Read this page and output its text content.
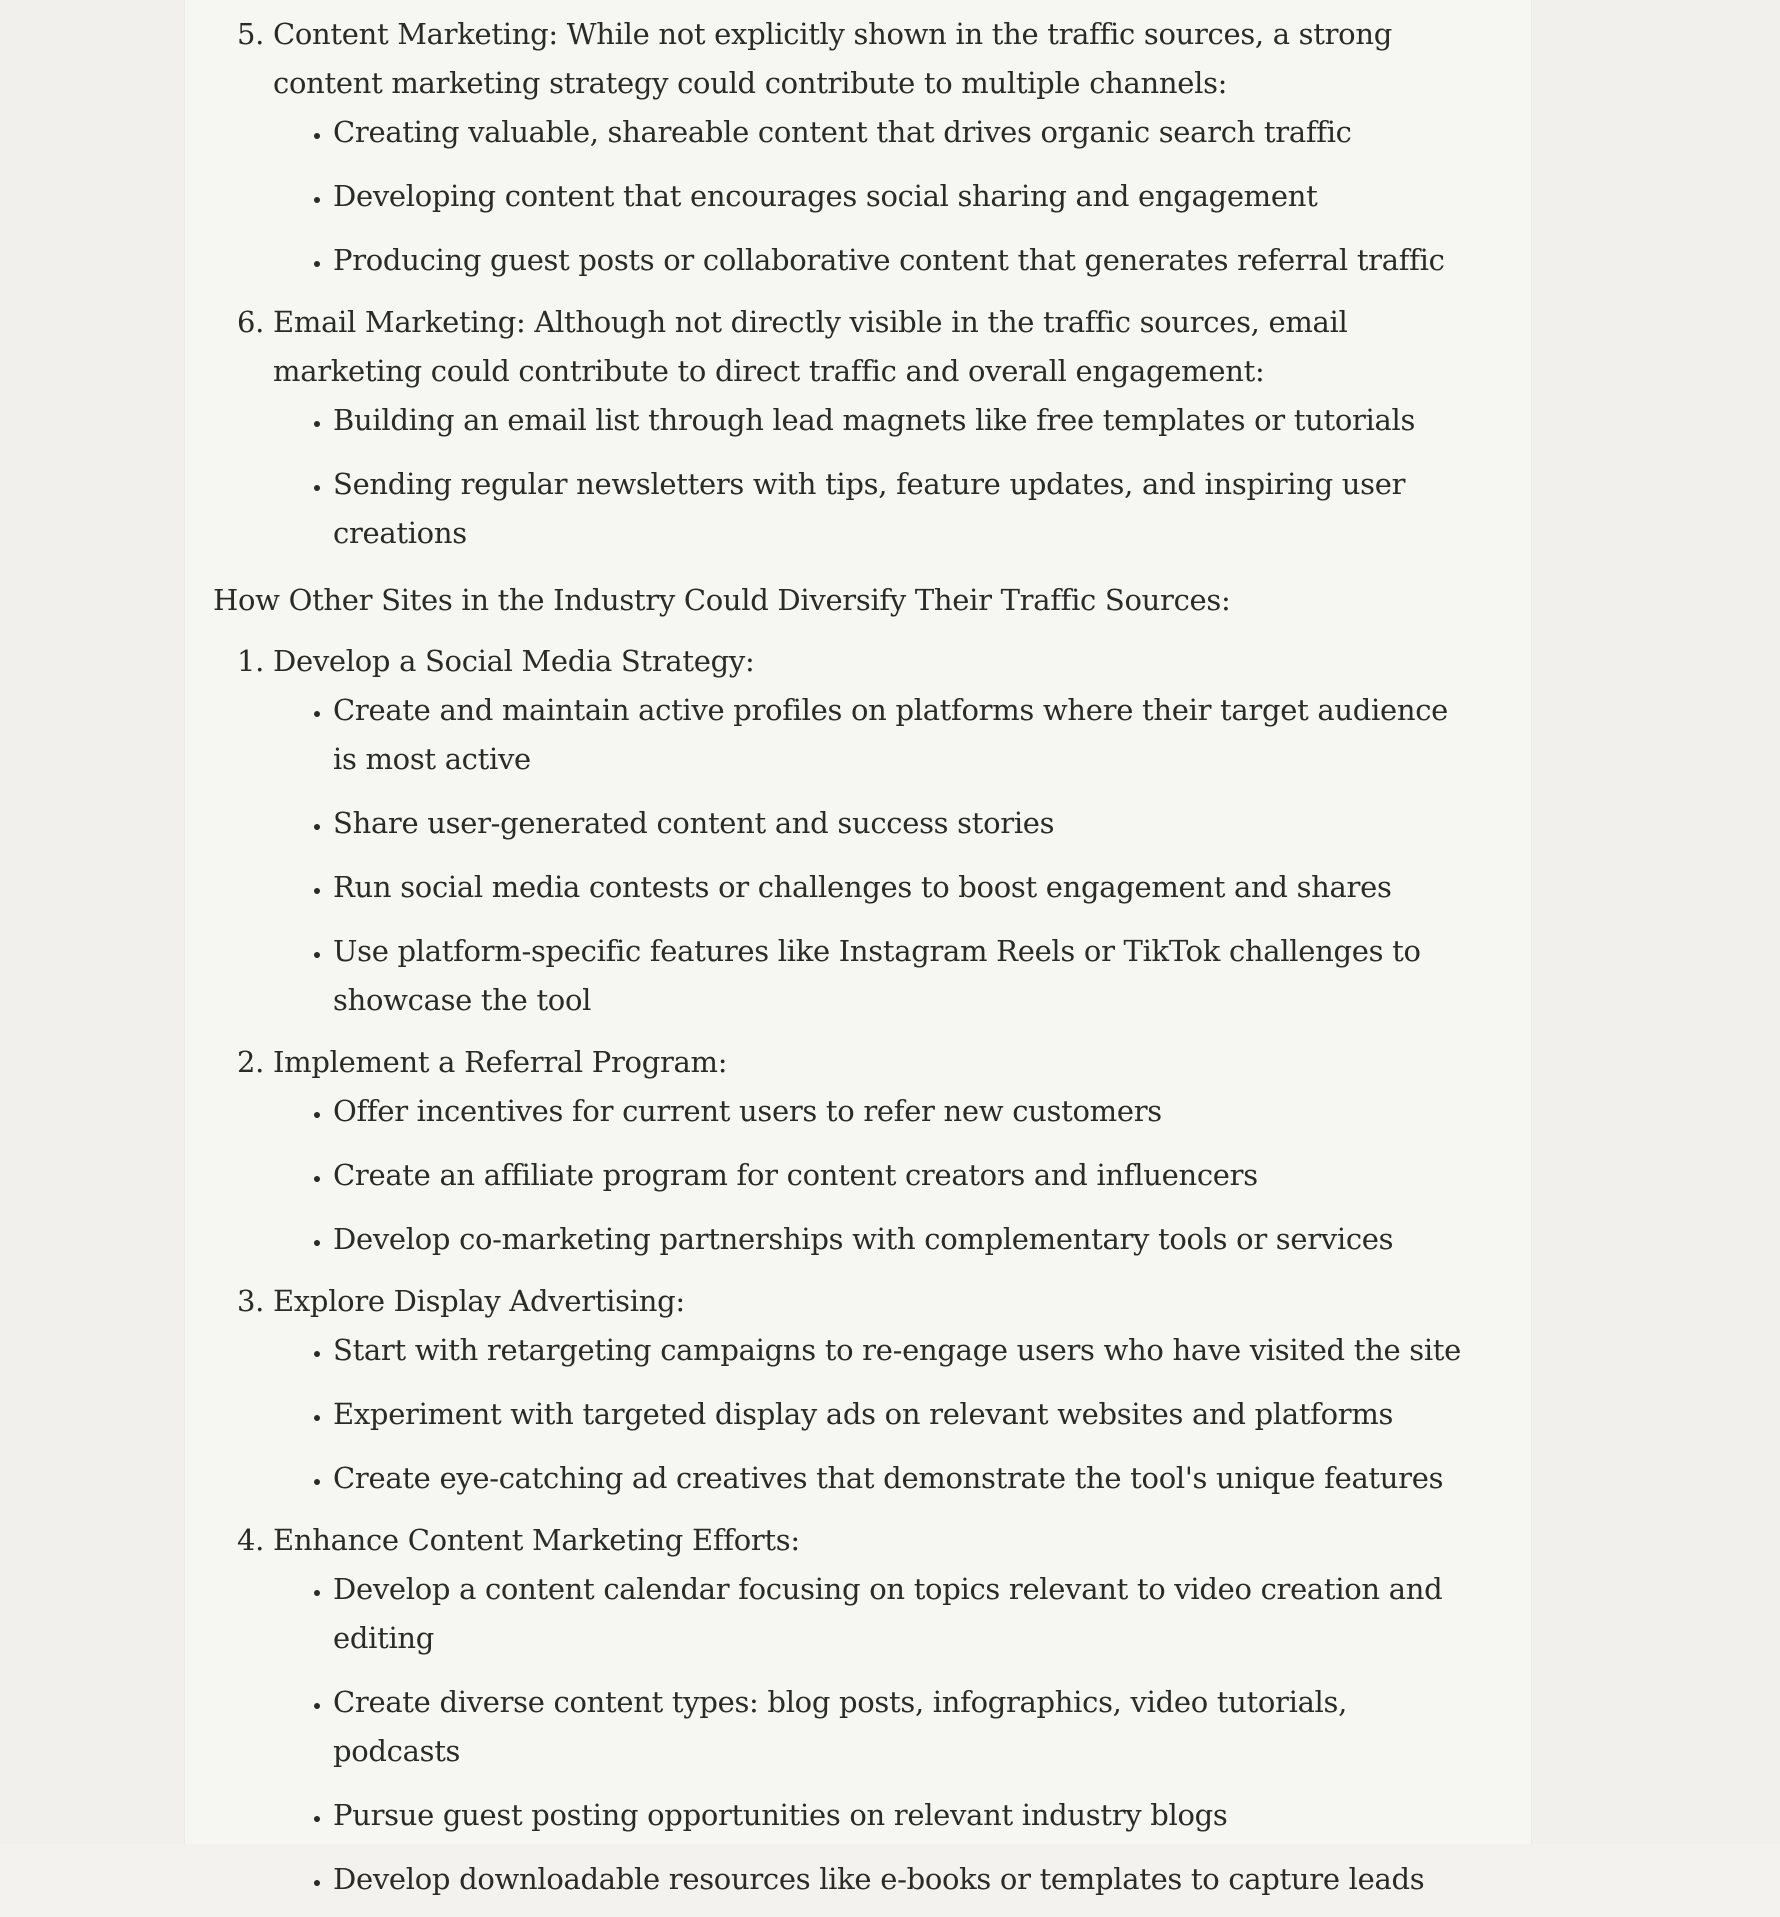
5. Content Marketing: While not explicitly shown in the traffic sources, a strong content marketing strategy could contribute to multiple channels:
• Creating valuable, shareable content that drives organic search traffic
• Developing content that encourages social sharing and engagement
• Producing guest posts or collaborative content that generates referral traffic
6. Email Marketing: Although not directly visible in the traffic sources, email marketing could contribute to direct traffic and overall engagement:
• Building an email list through lead magnets like free templates or tutorials
• Sending regular newsletters with tips, feature updates, and inspiring user creations

How Other Sites in the Industry Could Diversify Their Traffic Sources:

1. Develop a Social Media Strategy:
• Create and maintain active profiles on platforms where their target audience is most active
• Share user-generated content and success stories
• Run social media contests or challenges to boost engagement and shares
• Use platform-specific features like Instagram Reels or TikTok challenges to showcase the tool
2. Implement a Referral Program:
• Offer incentives for current users to refer new customers
• Create an affiliate program for content creators and influencers
• Develop co-marketing partnerships with complementary tools or services
3. Explore Display Advertising:
• Start with retargeting campaigns to re-engage users who have visited the site
• Experiment with targeted display ads on relevant websites and platforms
• Create eye-catching ad creatives that demonstrate the tool's unique features
4. Enhance Content Marketing Efforts:
• Develop a content calendar focusing on topics relevant to video creation and editing
• Create diverse content types: blog posts, infographics, video tutorials, podcasts
• Pursue guest posting opportunities on relevant industry blogs
• Develop downloadable resources like e-books or templates to capture leads
